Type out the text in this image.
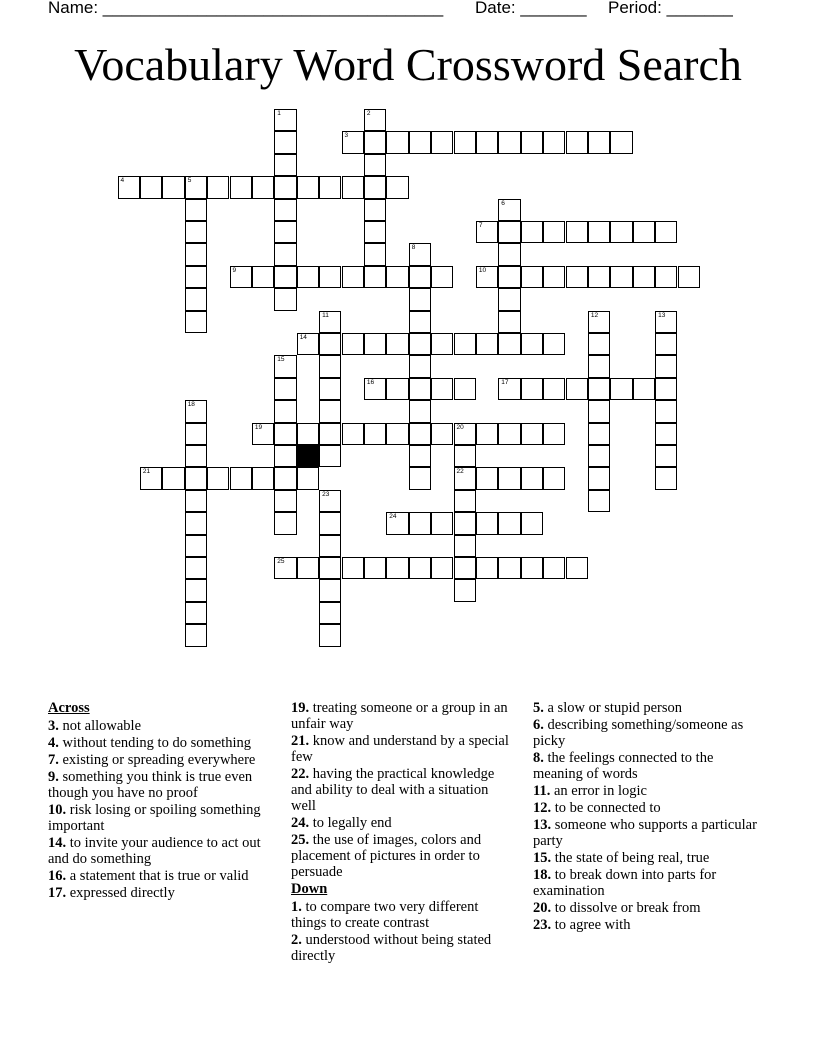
Name: ____________________________________ Date: _______ Period: _______
Vocabulary Word Crossword Search
1	2
3
4	5
6
7
8
9	10
11	12	13
14
15
16	17
18
19	20
22
21
23
24
25
Across
3. not allowable
4. without tending to do something
7. existing or spreading everywhere
9. something you think is true even though you have no proof
10. risk losing or spoiling something important
14. to invite your audience to act out and do something
16. a statement that is true or valid
17. expressed directly
19. treating someone or a group in an unfair way
21. know and understand by a special few
22. having the practical knowledge and ability to deal with a situation well
24. to legally end
25. the use of images, colors and placement of pictures in order to persuade
Down
1. to compare two very different things to create contrast
2. understood without being stated directly
5. a slow or stupid person
6. describing something/someone as picky
8. the feelings connected to the meaning of words
11. an error in logic
12. to be connected to
13. someone who supports a particular party
15. the state of being real, true
18. to break down into parts for examination
20. to dissolve or break from
23. to agree with
